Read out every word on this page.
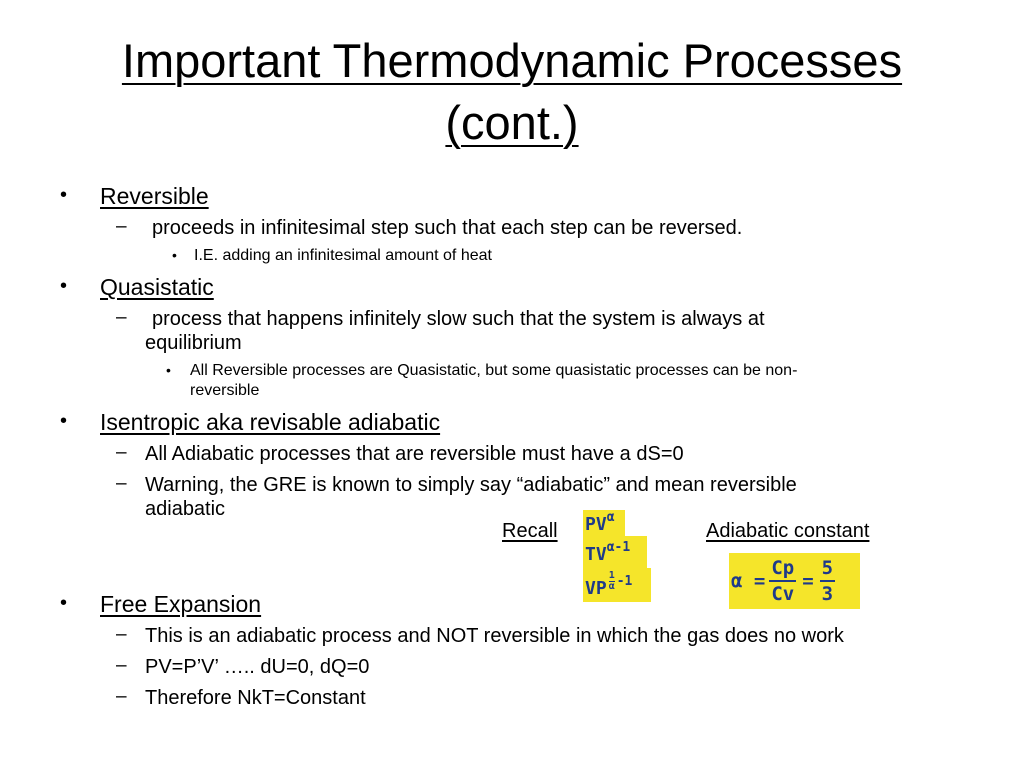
Important Thermodynamic Processes
(cont.)
• Reversible
– proceeds in infinitesimal step such that each step can be reversed.
• I.E. adding an infinitesimal amount of heat
• Quasistatic
– process that happens infinitely slow such that the system is always at
equilibrium
• All Reversible processes are Quasistatic, but some quasistatic processes can be non-
reversible
• Isentropic aka revisable adiabatic
– All Adiabatic processes that are reversible must have a dS=0
– Warning, the GRE is known to simply say “adiabatic” and mean reversible
adiabatic
Recall $PV^\alpha$
$TV^{\alpha-1}$
VP $\frac{1}{\alpha} ^{-1}$
Adiabatic constant
$\alpha = \frac{Cp}{Cv} = \frac{5}{3}$
• Free Expansion
– This is an adiabatic process and NOT reversible in which the gas does no work
– PV=P’V’ ….. dU=0, dQ=0
– Therefore NkT=Constant
